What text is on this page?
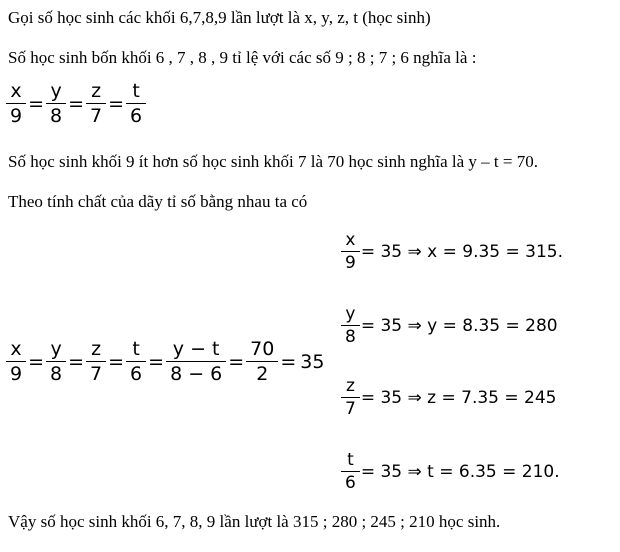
Gọi số học sinh các khối 6,7,8,9 lần lượt là x, y, z, t (học sinh)
Số học sinh bốn khối 6 , 7 , 8 , 9 tỉ lệ với các số 9 ; 8 ; 7 ; 6 nghĩa là :
$\frac{x}{9} = \frac{y}{8} = \frac{z}{7} = \frac{t}{6}$
Số học sinh khối 9 ít hơn số học sinh khối 7 là 70 học sinh nghĩa là y – t = 70.
Theo tính chất của dãy tỉ số bằng nhau ta có
$\frac{x}{9} = \frac{y}{8} = \frac{z}{7} = \frac{t}{6} = \frac{y - t}{8 - 6} = \frac{70}{2} = 35$
$\frac{x}{9} = 35$ ⇒ x = 9.35 = 315.
$\frac{y}{8} = 35$ ⇒ y = 8.35 = 280
$\frac{z}{7} = 35$ ⇒ z = 7.35 = 245
$\frac{t}{6} = 35$ ⇒ t = 6.35 = 210.
Vậy số học sinh khối 6, 7, 8, 9 lần lượt là 315 ; 280 ; 245 ; 210 học sinh.
